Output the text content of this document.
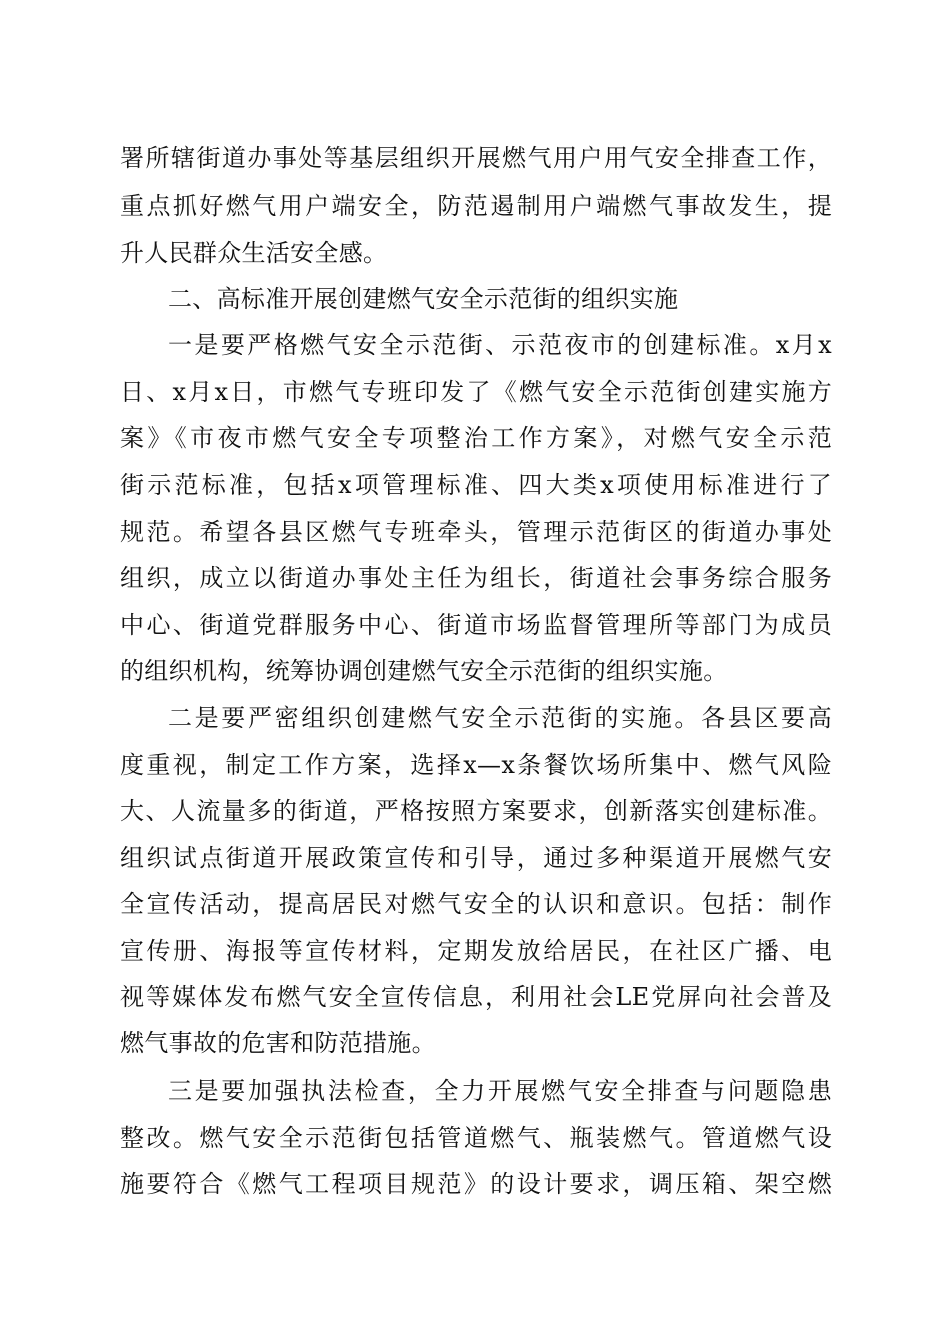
署所辖街道办事处等基层组织开展燃气用户用气安全排查工作，
重点抓好燃气用户端安全，防范遏制用户端燃气事故发生，提
升人民群众生活安全感。
二、高标准开展创建燃气安全示范街的组织实施
一是要严格燃气安全示范街、示范夜市的创建标准。x月x
日、x月x日，市燃气专班印发了《燃气安全示范街创建实施方
案》《市夜市燃气安全专项整治工作方案》，对燃气安全示范
街示范标准，包括x项管理标准、四大类x项使用标准进行了
规范。希望各县区燃气专班牵头，管理示范街区的街道办事处
组织，成立以街道办事处主任为组长，街道社会事务综合服务
中心、街道党群服务中心、街道市场监督管理所等部门为成员
的组织机构，统筹协调创建燃气安全示范街的组织实施。
二是要严密组织创建燃气安全示范街的实施。各县区要高
度重视，制定工作方案，选择x—x条餐饮场所集中、燃气风险
大、人流量多的街道，严格按照方案要求，创新落实创建标准。
组织试点街道开展政策宣传和引导，通过多种渠道开展燃气安
全宣传活动，提高居民对燃气安全的认识和意识。包括：制作
宣传册、海报等宣传材料，定期发放给居民，在社区广播、电
视等媒体发布燃气安全宣传信息，利用社会LE党屏向社会普及
燃气事故的危害和防范措施。
三是要加强执法检查，全力开展燃气安全排查与问题隐患
整改。燃气安全示范街包括管道燃气、瓶装燃气。管道燃气设
施要符合《燃气工程项目规范》的设计要求，调压箱、架空燃
